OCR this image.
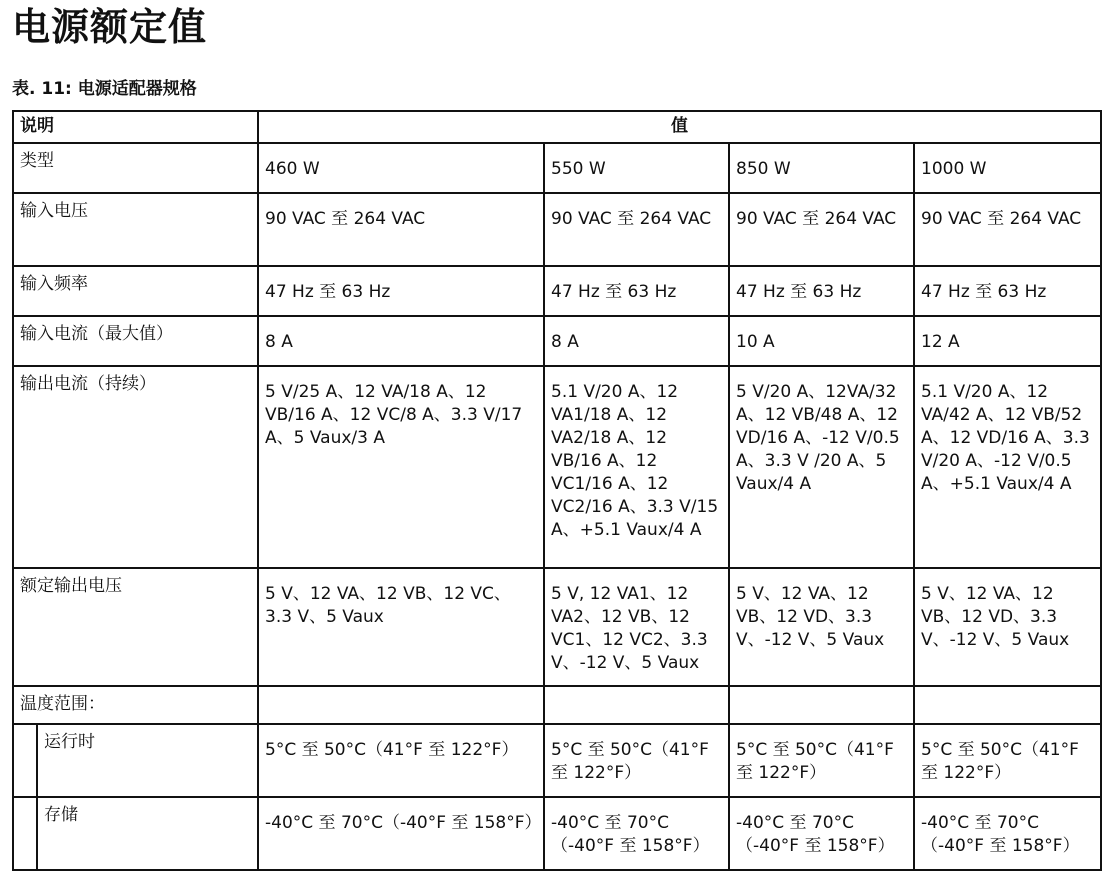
电源额定值

表. 11: 电源适配器规格

说明		值			
类型		460 W	550 W	850 W	1000 W
输入电压		90 VAC 至 264 VAC	90 VAC 至 264 VAC	90 VAC 至 264 VAC	90 VAC 至 264 VAC
输入频率		47 Hz 至 63 Hz	47 Hz 至 63 Hz	47 Hz 至 63 Hz	47 Hz 至 63 Hz
输入电流（最大值）		8 A	8 A	10 A	12 A
输出电流（持续）		5 V/25 A、12 VA/18 A、12 VB/16 A、12 VC/8 A、3.3 V/17 A、5 Vaux/3 A	5.1 V/20 A、12 VA1/18 A、12 VA2/18 A、12 VB/16 A、12 VC1/16 A、12 VC2/16 A、3.3 V/15 A、+5.1 Vaux/4 A	5 V/20 A、12VA/32 A、12 VB/48 A、12 VD/16 A、-12 V/0.5 A、3.3 V /20 A、5 Vaux/4 A	5.1 V/20 A、12 VA/42 A、12 VB/52 A、12 VD/16 A、3.3 V/20 A、-12 V/0.5 A、+5.1 Vaux/4 A
额定输出电压		5 V、12 VA、12 VB、12 VC、3.3 V、5 Vaux	5 V, 12 VA1、12 VA2、12 VB、12 VC1、12 VC2、3.3 V、-12 V、5 Vaux	5 V、12 VA、12 VB、12 VD、3.3 V、-12 V、5 Vaux	5 V、12 VA、12 VB、12 VD、3.3 V、-12 V、5 Vaux
温度范围：					
	运行时	5°C 至 50°C（41°F 至 122°F）	5°C 至 50°C（41°F 至 122°F）	5°C 至 50°C（41°F 至 122°F）	5°C 至 50°C（41°F 至 122°F）
	存储	-40°C 至 70°C（-40°F 至 158°F）	-40°C 至 70°C（-40°F 至 158°F）	-40°C 至 70°C（-40°F 至 158°F）	-40°C 至 70°C（-40°F 至 158°F）
